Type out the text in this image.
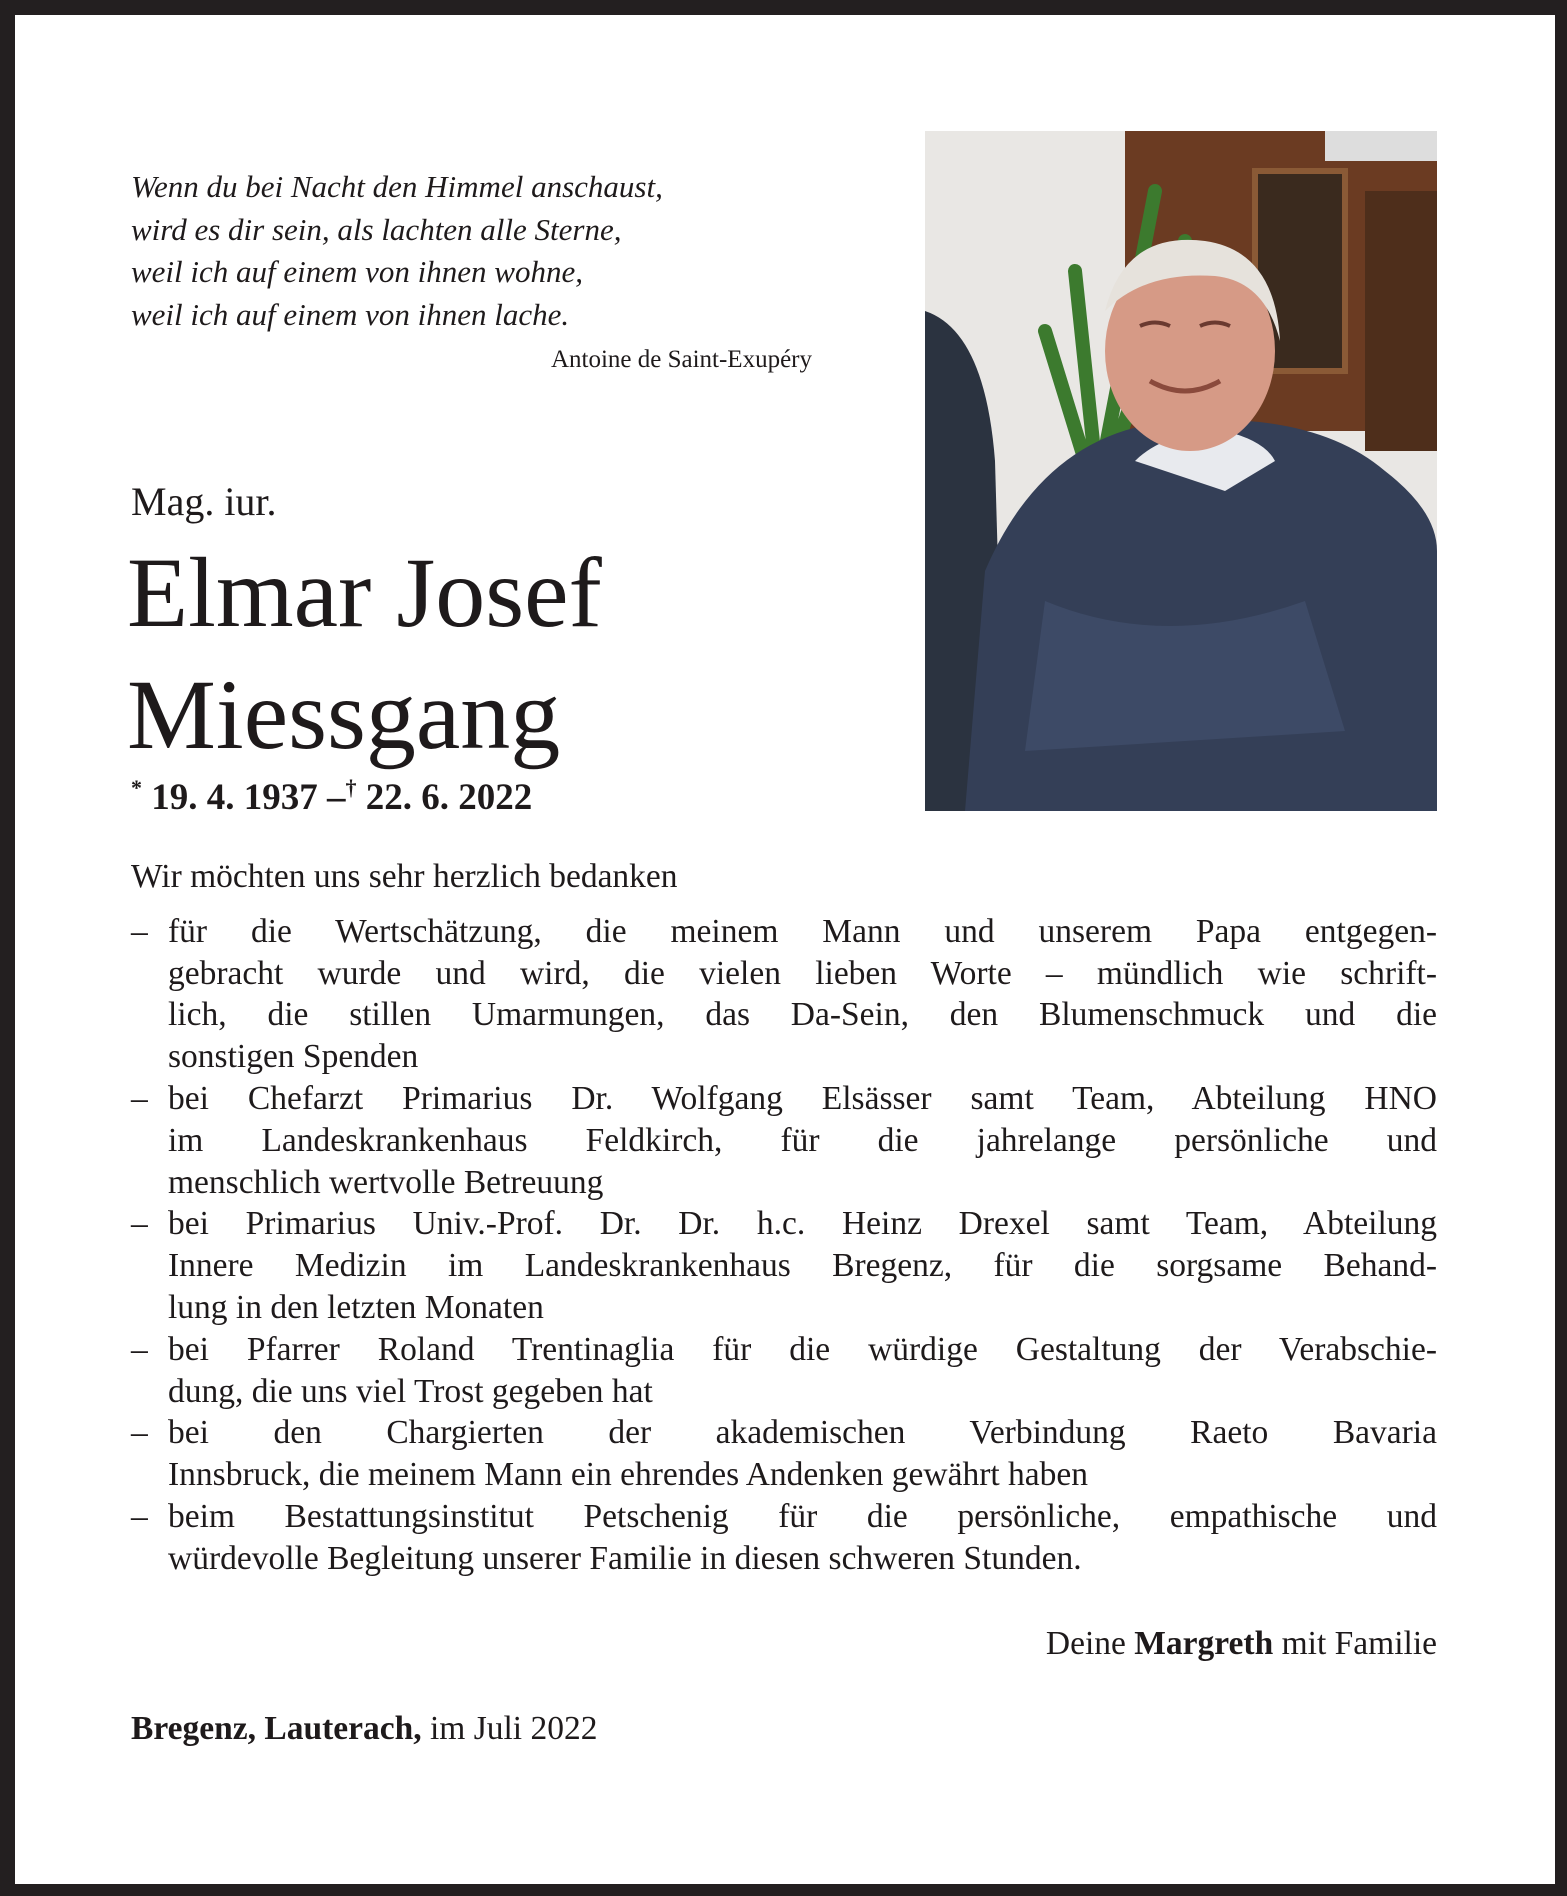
Wenn du bei Nacht den Himmel anschaust,
wird es dir sein, als lachten alle Sterne,
weil ich auf einem von ihnen wohne,
weil ich auf einem von ihnen lache.
Antoine de Saint-Exupéry
Mag. iur.
Elmar Josef
Miessgang
* 19. 4. 1937 –† 22. 6. 2022
Wir möchten uns sehr herzlich bedanken
– für die Wertschätzung, die meinem Mann und unserem Papa entgegen-
gebracht wurde und wird, die vielen lieben Worte – mündlich wie schrift-
lich, die stillen Umarmungen, das Da-Sein, den Blumenschmuck und die
sonstigen Spenden
– bei Chefarzt Primarius Dr. Wolfgang Elsässer samt Team, Abteilung HNO
im Landeskrankenhaus Feldkirch, für die jahrelange persönliche und
menschlich wertvolle Betreuung
– bei Primarius Univ.-Prof. Dr. Dr. h.c. Heinz Drexel samt Team, Abteilung
Innere Medizin im Landeskrankenhaus Bregenz, für die sorgsame Behand-
lung in den letzten Monaten
– bei Pfarrer Roland Trentinaglia für die würdige Gestaltung der Verabschie-
dung, die uns viel Trost gegeben hat
– bei den Chargierten der akademischen Verbindung Raeto Bavaria
Innsbruck, die meinem Mann ein ehrendes Andenken gewährt haben
– beim Bestattungsinstitut Petschenig für die persönliche, empathische und
würdevolle Begleitung unserer Familie in diesen schweren Stunden.
Deine Margreth mit Familie
Bregenz, Lauterach, im Juli 2022
